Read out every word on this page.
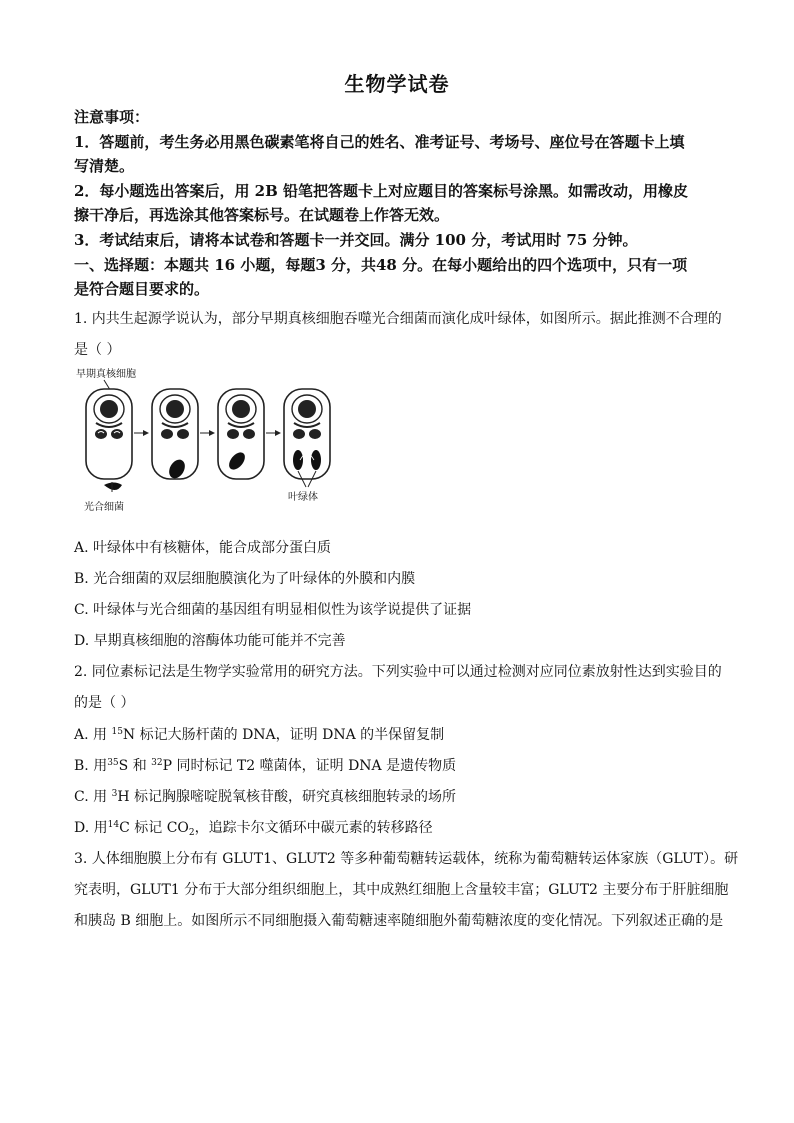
生物学试卷
注意事项：
1．答题前，考生务必用黑色碳素笔将自己的姓名、准考证号、考场号、座位号在答题卡上填
写清楚。
2．每小题选出答案后，用 2B 铅笔把答题卡上对应题目的答案标号涂黑。如需改动，用橡皮
擦干净后，再选涂其他答案标号。在试题卷上作答无效。
3．考试结束后，请将本试卷和答题卡一并交回。满分 100 分，考试用时 75 分钟。
一、选择题：本题共 16 小题，每题3 分，共48 分。在每小题给出的四个选项中，只有一项
是符合题目要求的。
1. 内共生起源学说认为，部分早期真核细胞吞噬光合细菌而演化成叶绿体，如图所示。据此推测不合理的
是（ ）
早期真核细胞
光合细菌
叶绿体
A. 叶绿体中有核糖体，能合成部分蛋白质
B. 光合细菌的双层细胞膜演化为了叶绿体的外膜和内膜
C. 叶绿体与光合细菌的基因组有明显相似性为该学说提供了证据
D. 早期真核细胞的溶酶体功能可能并不完善
2. 同位素标记法是生物学实验常用的研究方法。下列实验中可以通过检测对应同位素放射性达到实验目的
的是（ ）
A. 用 $^{15}$N 标记大肠杆菌的 DNA，证明 DNA 的半保留复制
B. 用$^{35}$S 和 $^{32}$P 同时标记 T2 噬菌体，证明 DNA 是遗传物质
C. 用 $^3$H 标记胸腺嘧啶脱氧核苷酸，研究真核细胞转录的场所
D. 用$^{14}$C 标记 $CO_2$，追踪卡尔文循环中碳元素的转移路径
3. 人体细胞膜上分布有 GLUT1、GLUT2 等多种葡萄糖转运载体，统称为葡萄糖转运体家族（GLUT）。研
究表明，GLUT1 分布于大部分组织细胞上，其中成熟红细胞上含量较丰富；GLUT2 主要分布于肝脏细胞
和胰岛 B 细胞上。如图所示不同细胞摄入葡萄糖速率随细胞外葡萄糖浓度的变化情况。下列叙述正确的是
